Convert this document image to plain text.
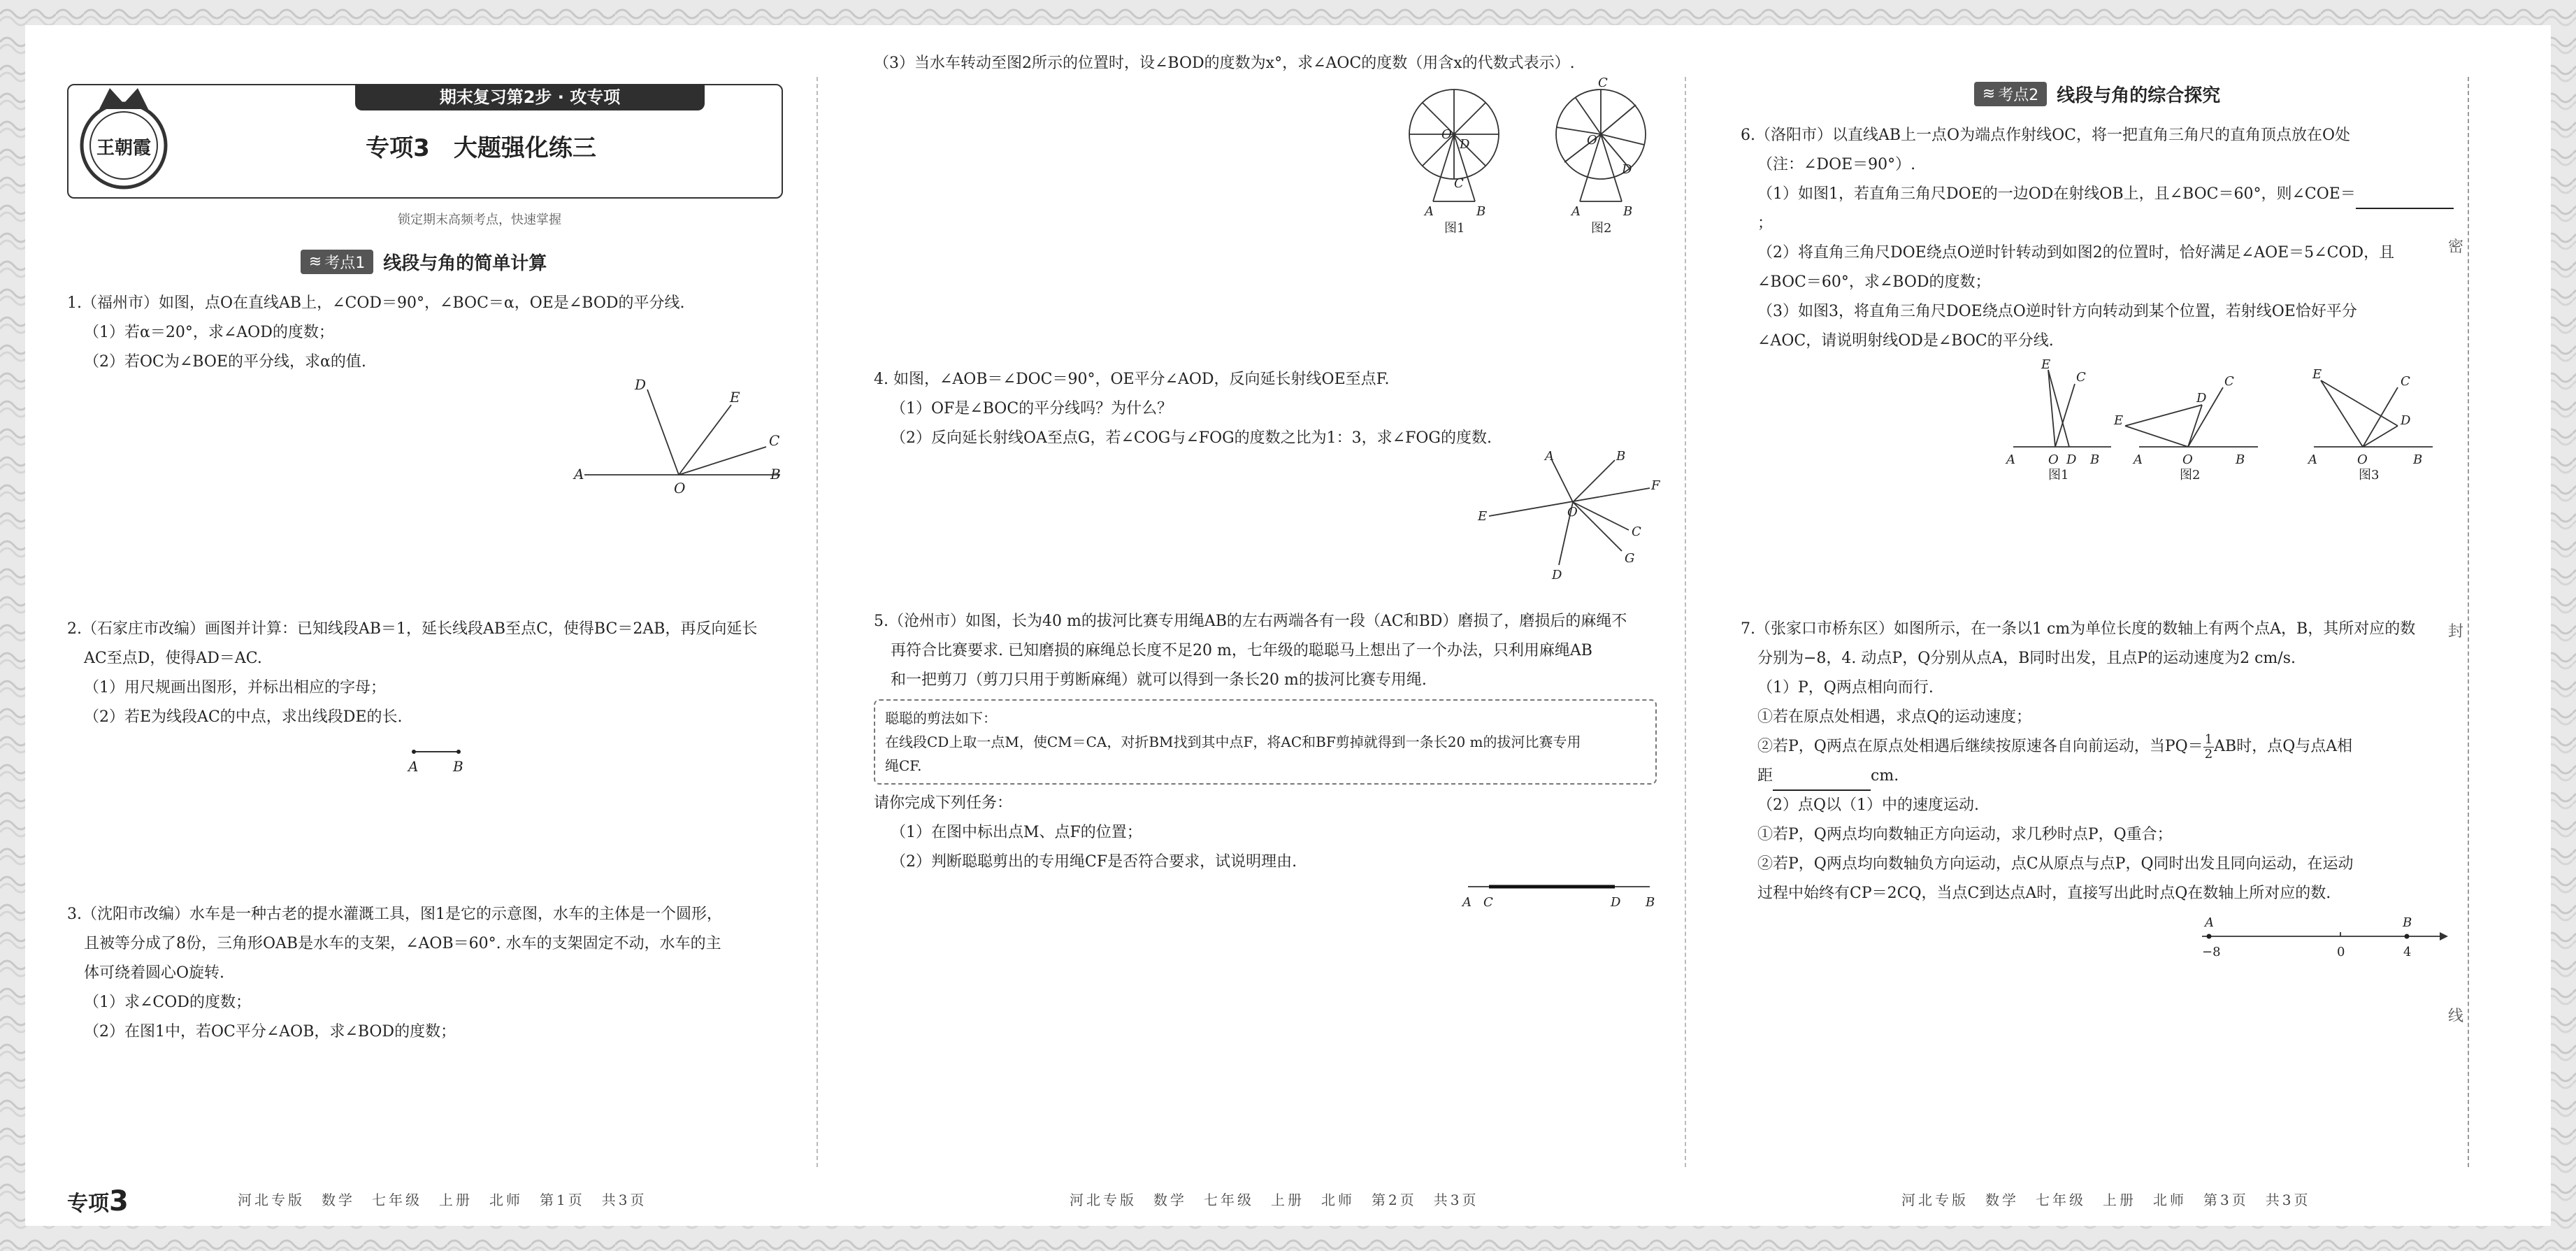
密
封
线
王朝霞
期末复习第2步 · 攻专项
专项3　大题强化练三
锁定期末高频考点，快速掌握
≋ 考点1 线段与角的简单计算

1.（福州市）如图，点O在直线AB上，∠COD＝90°，∠BOC＝α，OE是∠BOD的平分线.

（1）若α＝20°，求∠AOD的度数；

（2）若OC为∠BOE的平分线，求α的值.

A	B
O
D
E
C

2.（石家庄市改编）画图并计算：已知线段AB＝1，延长线段AB至点C，使得BC＝2AB，再反向延长

AC至点D，使得AD＝AC.

（1）用尺规画出图形，并标出相应的字母；

（2）若E为线段AC的中点，求出线段DE的长.

A B

3.（沈阳市改编）水车是一种古老的提水灌溉工具，图1是它的示意图，水车的主体是一个圆形，

且被等分成了8份，三角形OAB是水车的支架，∠AOB＝60°. 水车的支架固定不动，水车的主

体可绕着圆心O旋转.

（1）求∠COD的度数；

（2）在图1中，若OC平分∠AOB，求∠BOD的度数；

专项3	河北专版　数学　七年级　上册　北师　第1页　共3页

（3）当水车转动至图2所示的位置时，设∠BOD的度数为x°，求∠AOC的度数（用含x的代数式表示）.

O
D
C
A	B
C
O
D
A	B
图1	图2

4. 如图，∠AOB＝∠DOC＝90°，OE平分∠AOD，反向延长射线OE至点F.

（1）OF是∠BOC的平分线吗？为什么？

（2）反向延长射线OA至点G，若∠COG与∠FOG的度数之比为1：3，求∠FOG的度数.

A	B
F
E	O
C
G
D

5.（沧州市）如图，长为40 m的拔河比赛专用绳AB的左右两端各有一段（AC和BD）磨损了，磨损后的麻绳不

再符合比赛要求. 已知磨损的麻绳总长度不足20 m，七年级的聪聪马上想出了一个办法，只利用麻绳AB

和一把剪刀（剪刀只用于剪断麻绳）就可以得到一条长20 m的拔河比赛专用绳.

聪聪的剪法如下：
在线段CD上取一点M，使CM＝CA，对折BM找到其中点F，将AC和BF剪掉就得到一条长20 m的拔河比赛专用
绳CF.

请你完成下列任务：

（1）在图中标出点M、点F的位置；

（2）判断聪聪剪出的专用绳CF是否符合要求，试说明理由.

A C	D B
河北专版　数学　七年级　上册　北师　第2页　共3页
≋ 考点2 线段与角的综合探究

6.（洛阳市）以直线AB上一点O为端点作射线OC，将一把直角三角尺的直角顶点放在O处

（注：∠DOE＝90°）.

（1）如图1，若直角三角尺DOE的一边OD在射线OB上，且∠BOC＝60°，则∠COE＝；

（2）将直角三角尺DOE绕点O逆时针转动到如图2的位置时，恰好满足∠AOE＝5∠COD，且

∠BOC＝60°，求∠BOD的度数；

（3）如图3，将直角三角尺DOE绕点O逆时针方向转动到某个位置，若射线OE恰好平分

∠AOC，请说明射线OD是∠BOC的平分线.

A	O D B
E
C
A	O	B
E
D
C
A	O	B
E	C
D
图1	图2	图3

7.（张家口市桥东区）如图所示，在一条以1 cm为单位长度的数轴上有两个点A，B，其所对应的数

分别为−8，4. 动点P，Q分别从点A，B同时出发，且点P的运动速度为2 cm/s.

（1）P，Q两点相向而行.

①若在原点处相遇，求点Q的运动速度；

②若P，Q两点在原点处相遇后继续按原速各自向前运动，当$PQ= \frac{1}{2}$ AB时，点Q与点A相

距	cm.

（2）点Q以（1）中的速度运动.

①若P，Q两点均向数轴正方向运动，求几秒时点P，Q重合；

②若P，Q两点均向数轴负方向运动，点C从原点与点P，Q同时出发且同向运动，在运动

过程中始终有CP＝2CQ，当点C到达点A时，直接写出此时点Q在数轴上所对应的数.

A	B
−8	0	4
河北专版　数学　七年级　上册　北师　第3页　共3页
